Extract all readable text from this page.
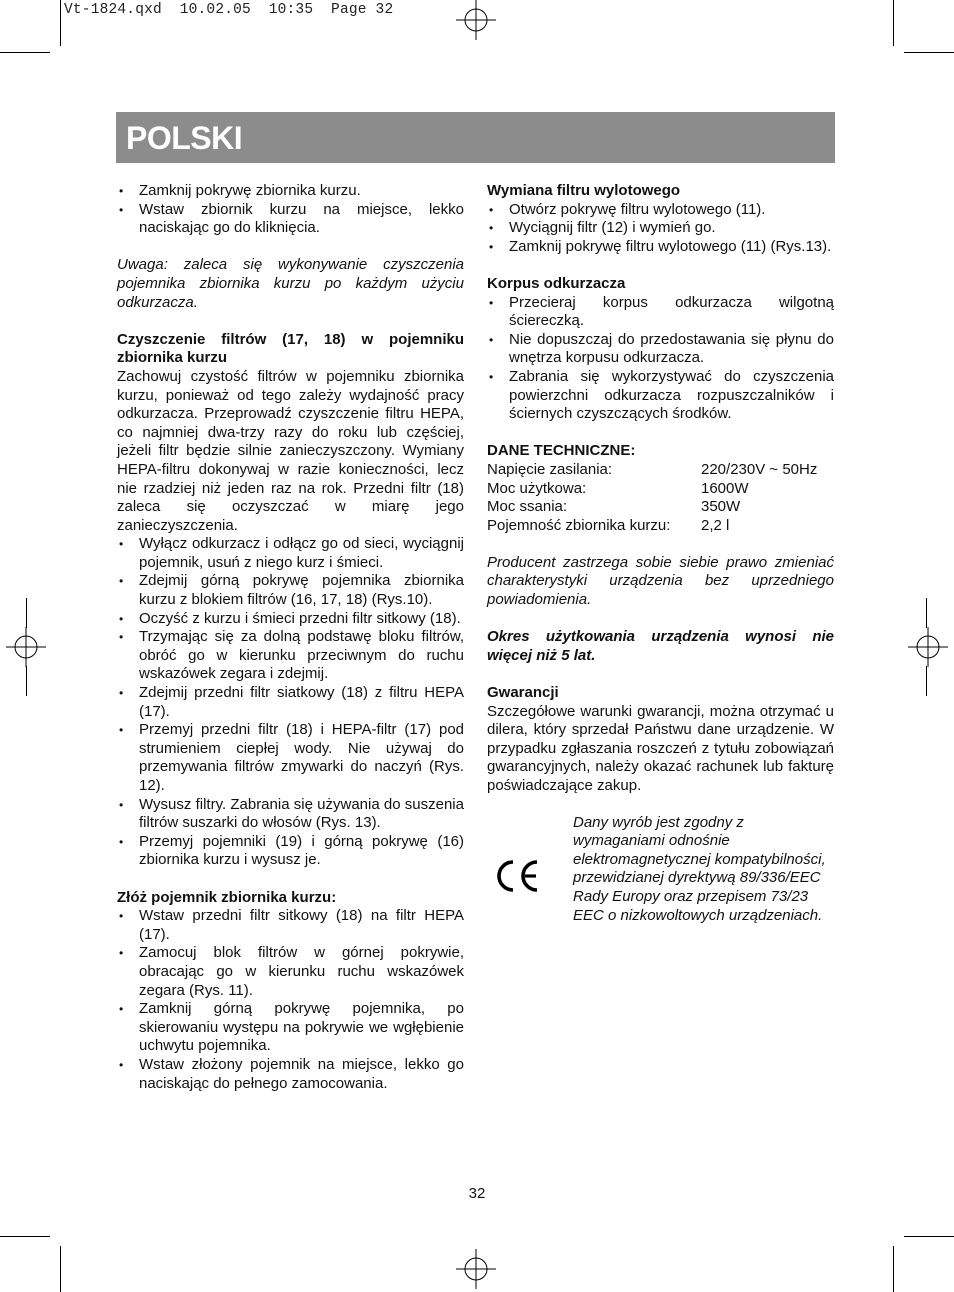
Vt-1824.qxd  10.02.05  10:35  Page 32
POLSKI
• Zamknij pokrywę zbiornika kurzu.
• Wstaw zbiornik kurzu na miejsce, lekko naciskając go do kliknięcia.

Uwaga: zaleca się wykonywanie czyszczenia pojemnika zbiornika kurzu po każdym użyciu odkurzacza.

Czyszczenie filtrów (17, 18) w pojemniku zbiornika kurzu

Zachowuj czystość filtrów w pojemniku zbiornika kurzu, ponieważ od tego zależy wydajność pracy odkurzacza. Przeprowadź czyszczenie filtru HEPA, co najmniej dwa-trzy razy do roku lub częściej, jeżeli filtr będzie silnie zanieczyszczony. Wymiany HEPA-filtru dokonywaj w razie konieczności, lecz nie rzadziej niż jeden raz na rok. Przedni filtr (18) zaleca się oczyszczać w miarę jego zanieczyszczenia.

• Wyłącz odkurzacz i odłącz go od sieci, wyciągnij pojemnik, usuń z niego kurz i śmieci.
• Zdejmij górną pokrywę pojemnika zbiornika kurzu z blokiem filtrów (16, 17, 18) (Rys.10).
• Oczyść z kurzu i śmieci przedni filtr sitkowy (18).
• Trzymając się za dolną podstawę bloku filtrów, obróć go w kierunku przeciwnym do ruchu wskazówek zegara i zdejmij.
• Zdejmij przedni filtr siatkowy (18) z filtru HEPA (17).
• Przemyj przedni filtr (18) i HEPA-filtr (17) pod strumieniem ciepłej wody. Nie używaj do przemywania filtrów zmywarki do naczyń (Rys. 12).
• Wysusz filtry. Zabrania się używania do suszenia filtrów suszarki do włosów (Rys. 13).
• Przemyj pojemniki (19) i górną pokrywę (16) zbiornika kurzu i wysusz je.
Złóż pojemnik zbiornika kurzu:
• Wstaw przedni filtr sitkowy (18) na filtr HEPA (17).
• Zamocuj blok filtrów w górnej pokrywie, obracając go w kierunku ruchu wskazówek zegara (Rys. 11).
• Zamknij górną pokrywę pojemnika, po skierowaniu występu na pokrywie we wgłębienie uchwytu pojemnika.
• Wstaw złożony pojemnik na miejsce, lekko go naciskając do pełnego zamocowania.
Wymiana filtru wylotowego
• Otwórz pokrywę filtru wylotowego (11).
• Wyciągnij filtr (12) i wymień go.
• Zamknij pokrywę filtru wylotowego (11) (Rys.13).
Korpus odkurzacza
• Przecieraj korpus odkurzacza wilgotną ściereczką.
• Nie dopuszczaj do przedostawania się płynu do wnętrza korpusu odkurzacza.
• Zabrania się wykorzystywać do czyszczenia powierzchni odkurzacza rozpuszczalników i ściernych czyszczących środków.
DANE TECHNICZNE:
Napięcie zasilania:	220/230V ~ 50Hz
Moc użytkowa:	1600W
Moc ssania:	350W
Pojemność zbiornika kurzu:	2,2 l

Producent zastrzega sobie siebie prawo zmieniać charakterystyki urządzenia bez uprzedniego powiadomienia.

Okres użytkowania urządzenia wynosi nie więcej niż 5 lat.

Gwarancji

Szczegółowe warunki gwarancji, można otrzymać u dilera, który sprzedał Państwu dane urządzenie. W przypadku zgłaszania roszczeń z tytułu zobowiązań gwarancyjnych, należy okazać rachunek lub fakturę poświadczające zakup.

Dany wyrób jest zgodny z wymaganiami odnośnie elektromagnetycznej kompatybilności, przewidzianej dyrektywą 89/336/EEC Rady Europy oraz przepisem 73/23 EEC o nizkowoltowych urządzeniach.
32
